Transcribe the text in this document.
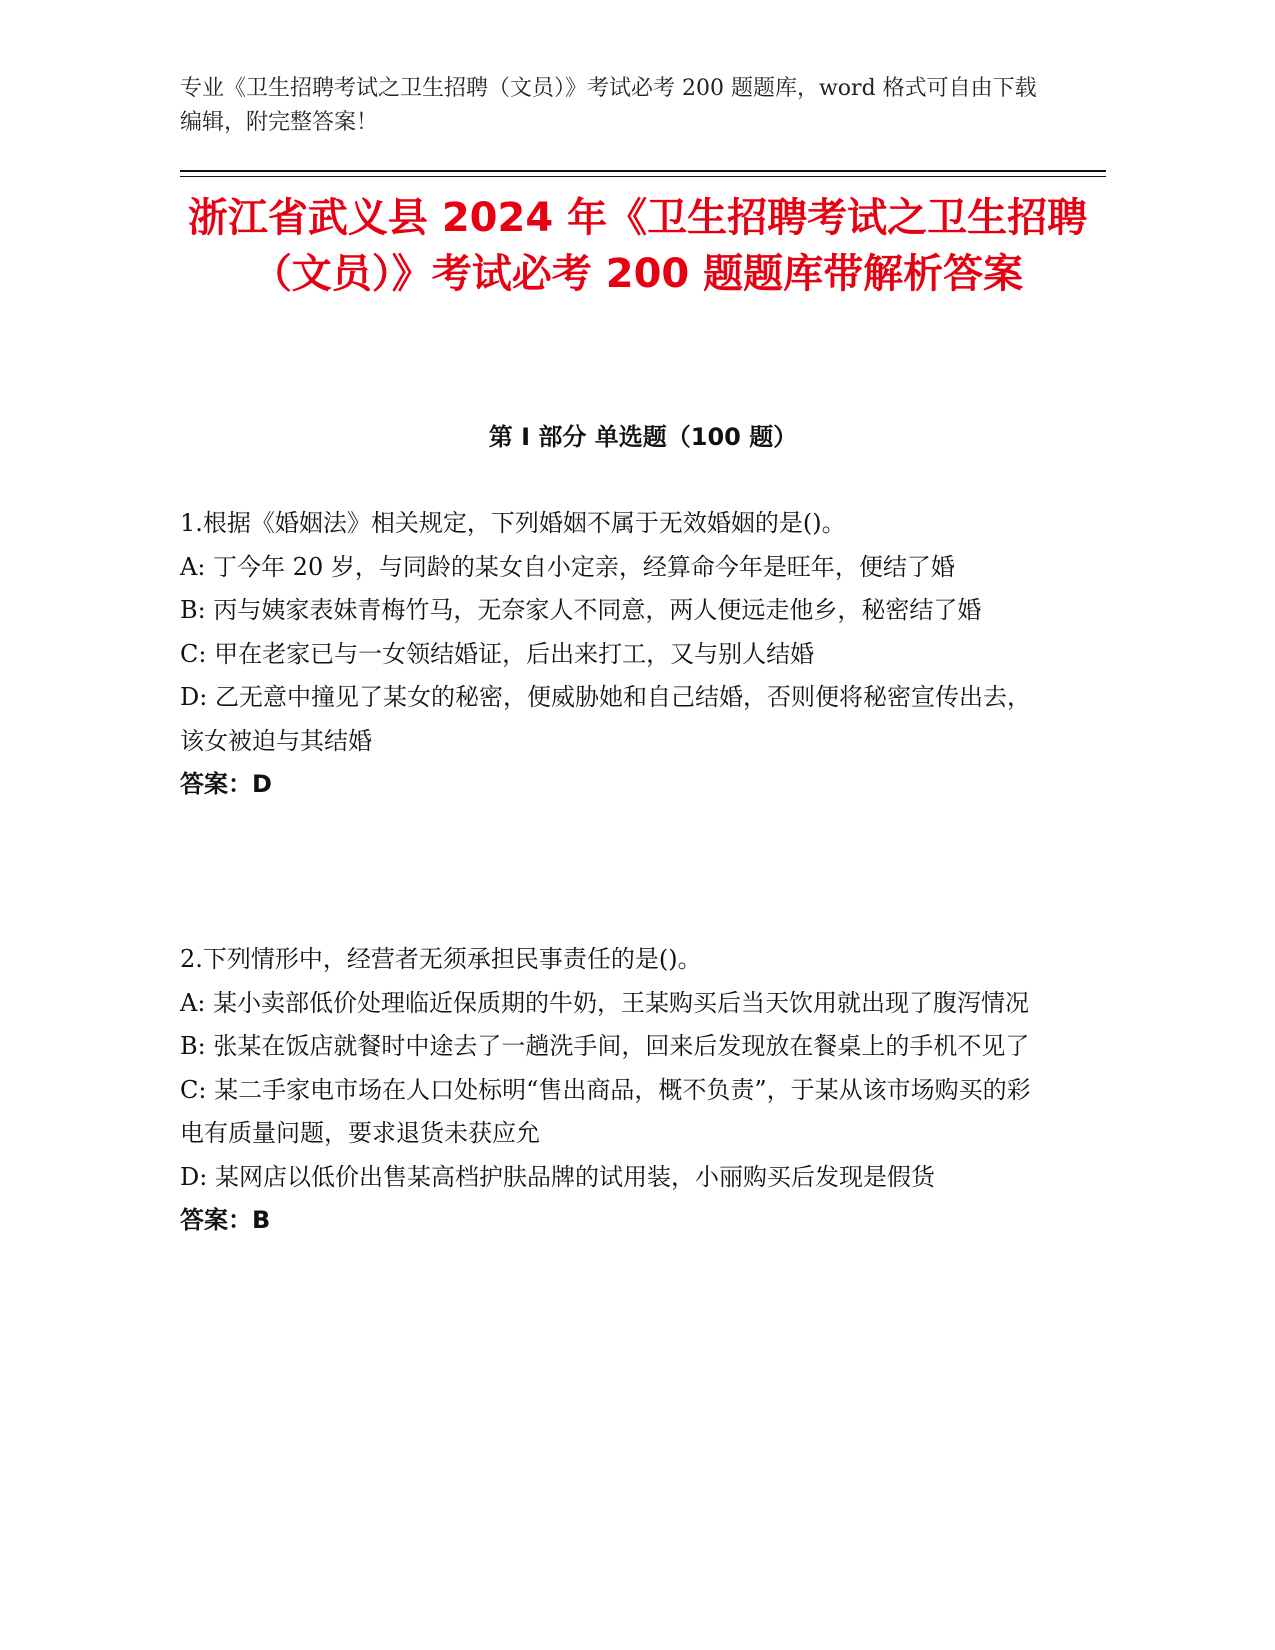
专业《卫生招聘考试之卫生招聘（文员）》考试必考 200 题题库，word 格式可自由下载编辑，附完整答案！
浙江省武义县 2024 年《卫生招聘考试之卫生招聘（文员）》考试必考 200 题题库带解析答案
第 I 部分 单选题（100 题）

1.根据《婚姻法》相关规定，下列婚姻不属于无效婚姻的是()。

A: 丁今年 20 岁，与同龄的某女自小定亲，经算命今年是旺年，便结了婚

B: 丙与姨家表妹青梅竹马，无奈家人不同意，两人便远走他乡，秘密结了婚

C: 甲在老家已与一女领结婚证，后出来打工，又与别人结婚

D: 乙无意中撞见了某女的秘密，便威胁她和自己结婚，否则便将秘密宣传出去，该女被迫与其结婚

答案：D

2.下列情形中，经营者无须承担民事责任的是()。

A: 某小卖部低价处理临近保质期的牛奶，王某购买后当天饮用就出现了腹泻情况

B: 张某在饭店就餐时中途去了一趟洗手间，回来后发现放在餐桌上的手机不见了

C: 某二手家电市场在人口处标明“售出商品，概不负责”，于某从该市场购买的彩电有质量问题，要求退货未获应允

D: 某网店以低价出售某高档护肤品牌的试用装，小丽购买后发现是假货

答案：B
